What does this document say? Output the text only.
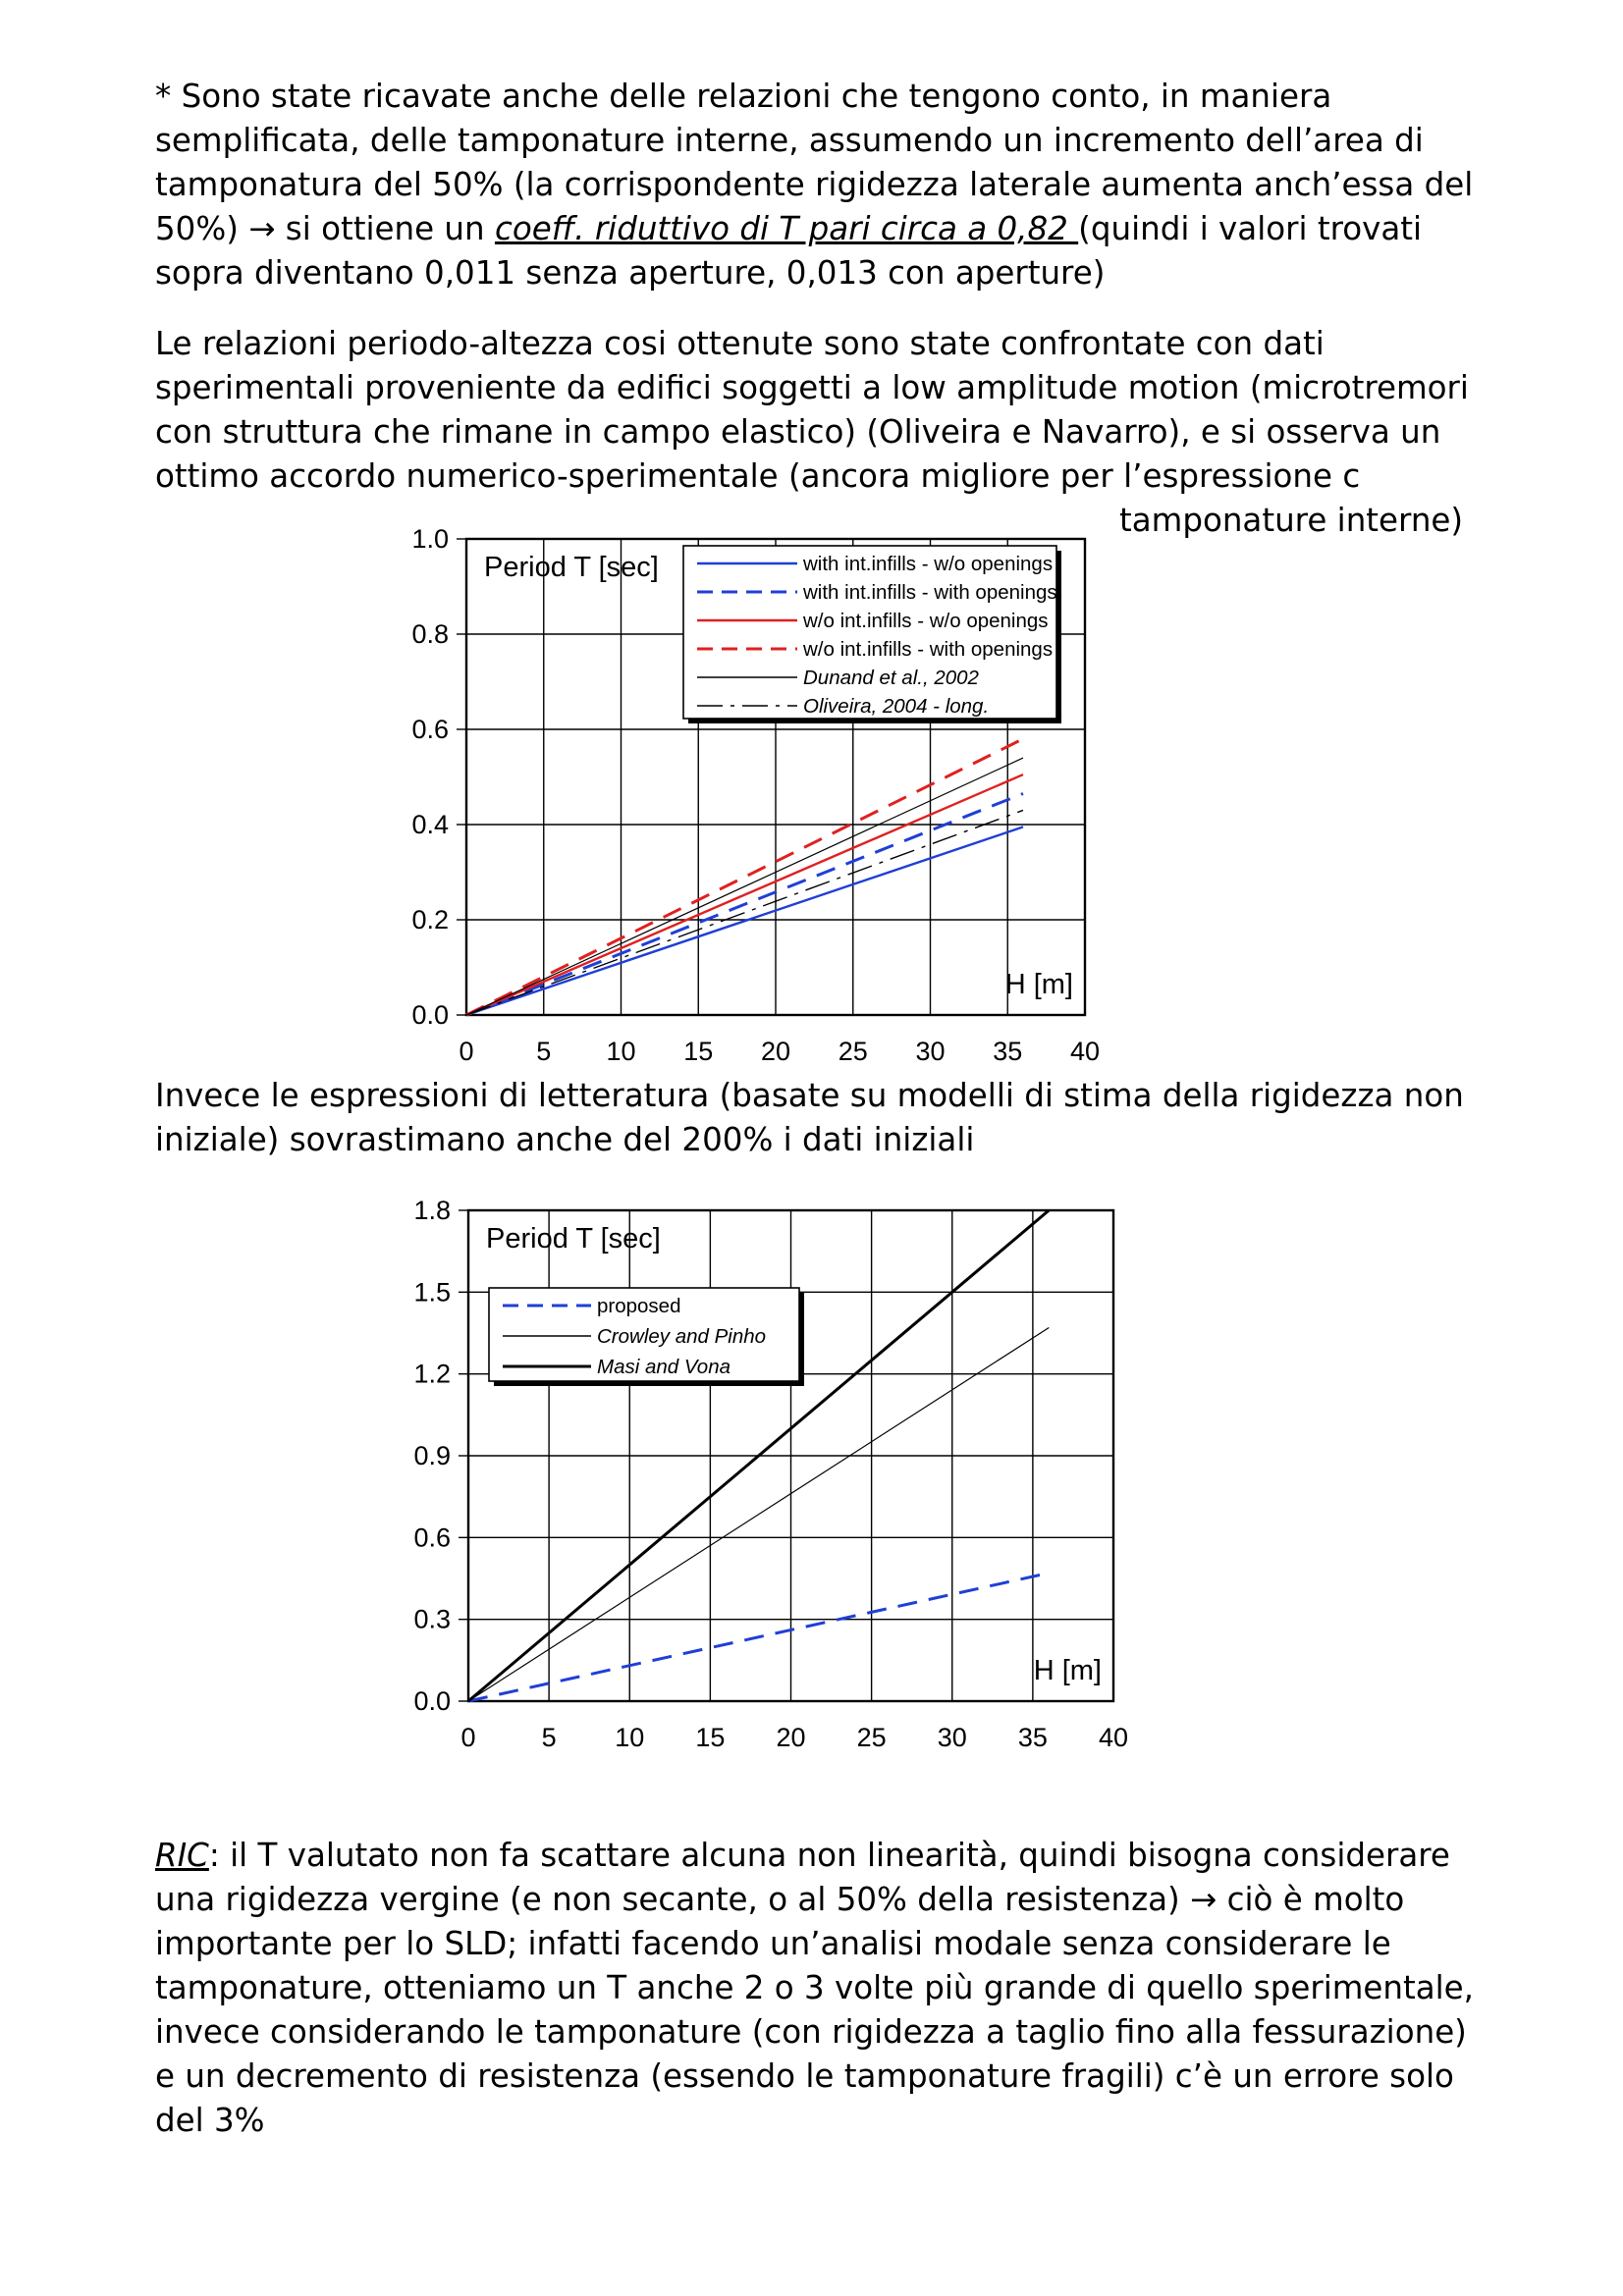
* Sono state ricavate anche delle relazioni che tengono conto, in maniera semplificata, delle tamponature interne, assumendo un incremento dell’area di tamponatura del 50% (la corrispondente rigidezza laterale aumenta anch’essa del 50%) → si ottiene un coeff. riduttivo di T pari circa a 0,82 (quindi i valori trovati sopra diventano 0,011 senza aperture, 0,013 con aperture)

Le relazioni periodo-altezza cosi ottenute sono state confrontate con dati sperimentali proveniente da edifici soggetti a low amplitude motion (microtremori con struttura che rimane in campo elastico) (Oliveira e Navarro), e si osserva un ottimo accordo numerico-sperimentale (ancora migliore per l’espressione c

tamponature interne)
0 5 10 15 20 25 30 35 40
0.0
0.2
0.4
0.6
0.8
1.0
Period T [sec]
H [m]
with int.infills - w/o openings
with int.infills - with openings
w/o int.infills - w/o openings
w/o int.infills - with openings
Dunand et al., 2002
Oliveira, 2004 - long.

Invece le espressioni di letteratura (basate su modelli di stima della rigidezza non iniziale) sovrastimano anche del 200% i dati iniziali

0 5 10 15 20 25 30 35 40
0.0
0.3
0.6
0.9
1.2
1.5
1.8
Period T [sec]
H [m]
proposed
Crowley and Pinho
Masi and Vona

RIC: il T valutato non fa scattare alcuna non linearità, quindi bisogna considerare una rigidezza vergine (e non secante, o al 50% della resistenza) → ciò è molto importante per lo SLD; infatti facendo un’analisi modale senza considerare le tamponature, otteniamo un T anche 2 o 3 volte più grande di quello sperimentale, invece considerando le tamponature (con rigidezza a taglio fino alla fessurazione) e un decremento di resistenza (essendo le tamponature fragili) c’è un errore solo del 3%
